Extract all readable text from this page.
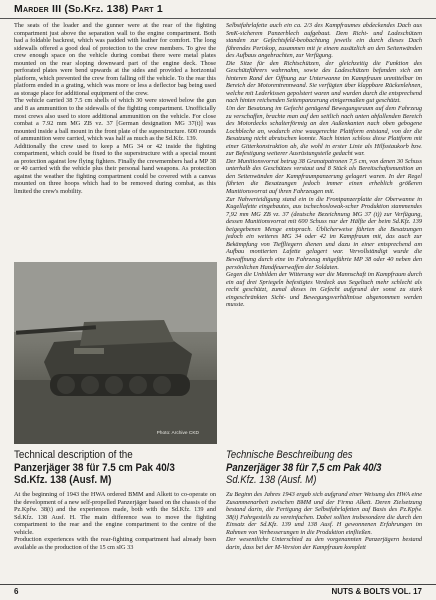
Marder III (Sd.Kfz. 138) Part 1

The seats of the loader and the gunner were at the rear of the fighting compartment just above the separation wall to the engine compartment. Both had a foldable backrest, which was padded with leather for comfort. The long sidewalls offered a good deal of protection to the crew members. To give the crew enough space on the vehicle during combat there were metal plates mounted on the rear sloping downward part of the engine deck. Those perforated plates were bend upwards at the sides and provided a horizontal platform, which prevented the crew from falling off the vehicle. To the rear this platform ended in a grating, which was more or less a deflector bag being used as storage place for additional equipment of the crew.

The vehicle carried 38 7.5 cm shells of which 30 were stowed below the gun and 8 as ammunition to the sidewalls of the fighting compartment. Unofficially most crews also used to store additional ammunition on the vehicle. For close combat a 7.92 mm MG ZB vz. 37 [German designation MG 37(t)] was mounted inside a ball mount in the front plate of the superstructure. 600 rounds of ammunition were carried, which was half as much as the Sd.Kfz. 139.

Additionally the crew used to keep a MG 34 or 42 inside the fighting compartment, which could be fixed to the superstructure with a special mount as protection against low flying fighters. Finally the crewmembers had a MP 38 or 40 carried with the vehicle plus their personal hand weapons. As protection against the weather the fighting compartment could be covered with a canvas mounted on three hoops which had to be removed during combat, as this limited the crew's mobility.

Photo: Archive CKD

Selbstfahrlafette auch ein ca. 2/3 des Kampfraumes abdeckendes Dach aus SmK-sicherem Panzerblech aufgebaut. Dem Richt- und Ladeschützen standen zur Gefechtsfeld-beobachtung jeweils ein durch dieses Dach führendes Periskop, zusammen mit je einem zusätzlich an den Seitenwänden des Aufbaus angebrachten, zur Verfügung.

Die Sitze für den Richtschützen, der gleichzeitig die Funktion des Geschützführers wahrnahm, sowie des Ladeschützen befanden sich am hinteren Rand der Öffnung zur Unterwanne im Kampfraum unmittelbar im Bereich der Motorentrennwand. Sie verfügten über klappbare Rückenlehnen, welche mit Lederkissen gepolstert waren und wurden durch die entsprechend nach hinten reichenden Seitenpanzerung einigermaßen gut geschützt.

Um der Besatzung im Gefecht genügend Bewegungsraum auf dem Fahrzeug zu verschaffen, brachte man auf den seitlich nach unten abfallenden Bereich des Motordecks schalterförmig an den Außenkanten nach oben gebogene Lochbleche an, wodurch eine waagerechte Plattform entstand, von der die Besatzung nicht abrutschen konnte. Nach hinten schloss diese Plattform mit einer Gitterkonstruktion ab, die wohl in erster Linie als Hilfsstaukorb bzw. zur Befestigung weiterer Ausrüstungsteile gedacht war.

Der Munitionsvorrat betrug 38 Granatpatronen 7,5 cm, von denen 30 Schuss unterhalb des Geschützes verstaut und 8 Stück als Bereitschaftsmunition an den Seitenwänden der Kampfraumpanzerung gelagert waren. In der Regel führten die Besatzungen jedoch immer einen erheblich größeren Munitionsvorrat auf ihren Fahrzeugen mit.

Zur Nahverteidigung stand ein in die Frontpanzerplatte der Oberwanne in Kugellafette eingebautes, aus tschechoslowak-scher Produktion stammendes 7,92 mm MG ZB vz. 37 (deutsche Bezeichnung MG 37 (t)) zur Verfügung, dessen Munitionsvorrat mit 600 Schuss nur der Hälfte der beim Sd.Kfz. 139 beigegebenen Menge entsprach. Üblicherweise führten die Besatzungen jedoch ein weiteres MG 34 oder 42 im Kampfraum mit, das auch zur Bekämpfung von Tieffliegern dienen und dazu in einer entsprechend am Aufbau montierten Lafette gelagert war. Vervollständigt wurde die Bewaffnung durch eine im Fahrzeug mitgeführte MP 38 oder 40 neben den persönlichen Handfeuerwaffen der Soldaten.

Gegen die Unbilden der Witterung war die Mannschaft im Kampfraum durch ein auf drei Spriegeln befestigtes Verdeck aus Segeltuch mehr schlecht als recht geschützt, zumal dieses im Gefecht aufgrund der sonst zu stark eingeschränkten Sicht- und Bewegungsverhältnisse abgenommen werden musste.

Technical description of the
Panzerjäger 38 für 7.5 cm Pak 40/3
Sd.Kfz. 138 (Ausf. M)
Technische Beschreibung des
Panzerjäger 38 für 7,5 cm Pak 40/3
Sd.Kfz. 138 (Ausf. M)
At the beginning of 1943 the HWA ordered BMM and Alkett to co-operate on the development of a new self-propelled Panzerjäger based on the chassis of the Pz.Kpfw. 38(t) and the experiences made, both with the Sd.Kfz. 139 and Sd.Kfz. 138 Ausf. H. The main difference was to move the fighting compartment to the rear and the engine compartment to the centre of the vehicle.
Production experiences with the rear-fighting compartment had already been available as the production of the 15 cm sIG 33
Zu Beginn des Jahres 1943 ergab sich aufgrund einer Weisung des HWA eine Zusammenarbeit zwischen BMM und der Firma Alkett. Deren Zielsetzung bestand darin, die Fertigung der Selbstfahrlafetten auf Basis des Pz.Kpfw. 38(t) Fahrgestells zu vereinfachen. Dabei sollten insbesondere die durch den Einsatz der Sd.Kfz. 139 und 138 Ausf. H gewonnenen Erfahrungen im Rahmen von Verbesserungen in die Produktion einfließen.
Der wesentliche Unterschied zu den vorgenannten Panzerjägern bestand darin, dass bei der M-Version der Kampfraum komplett
6	NUTS & BOLTS VOL. 17
